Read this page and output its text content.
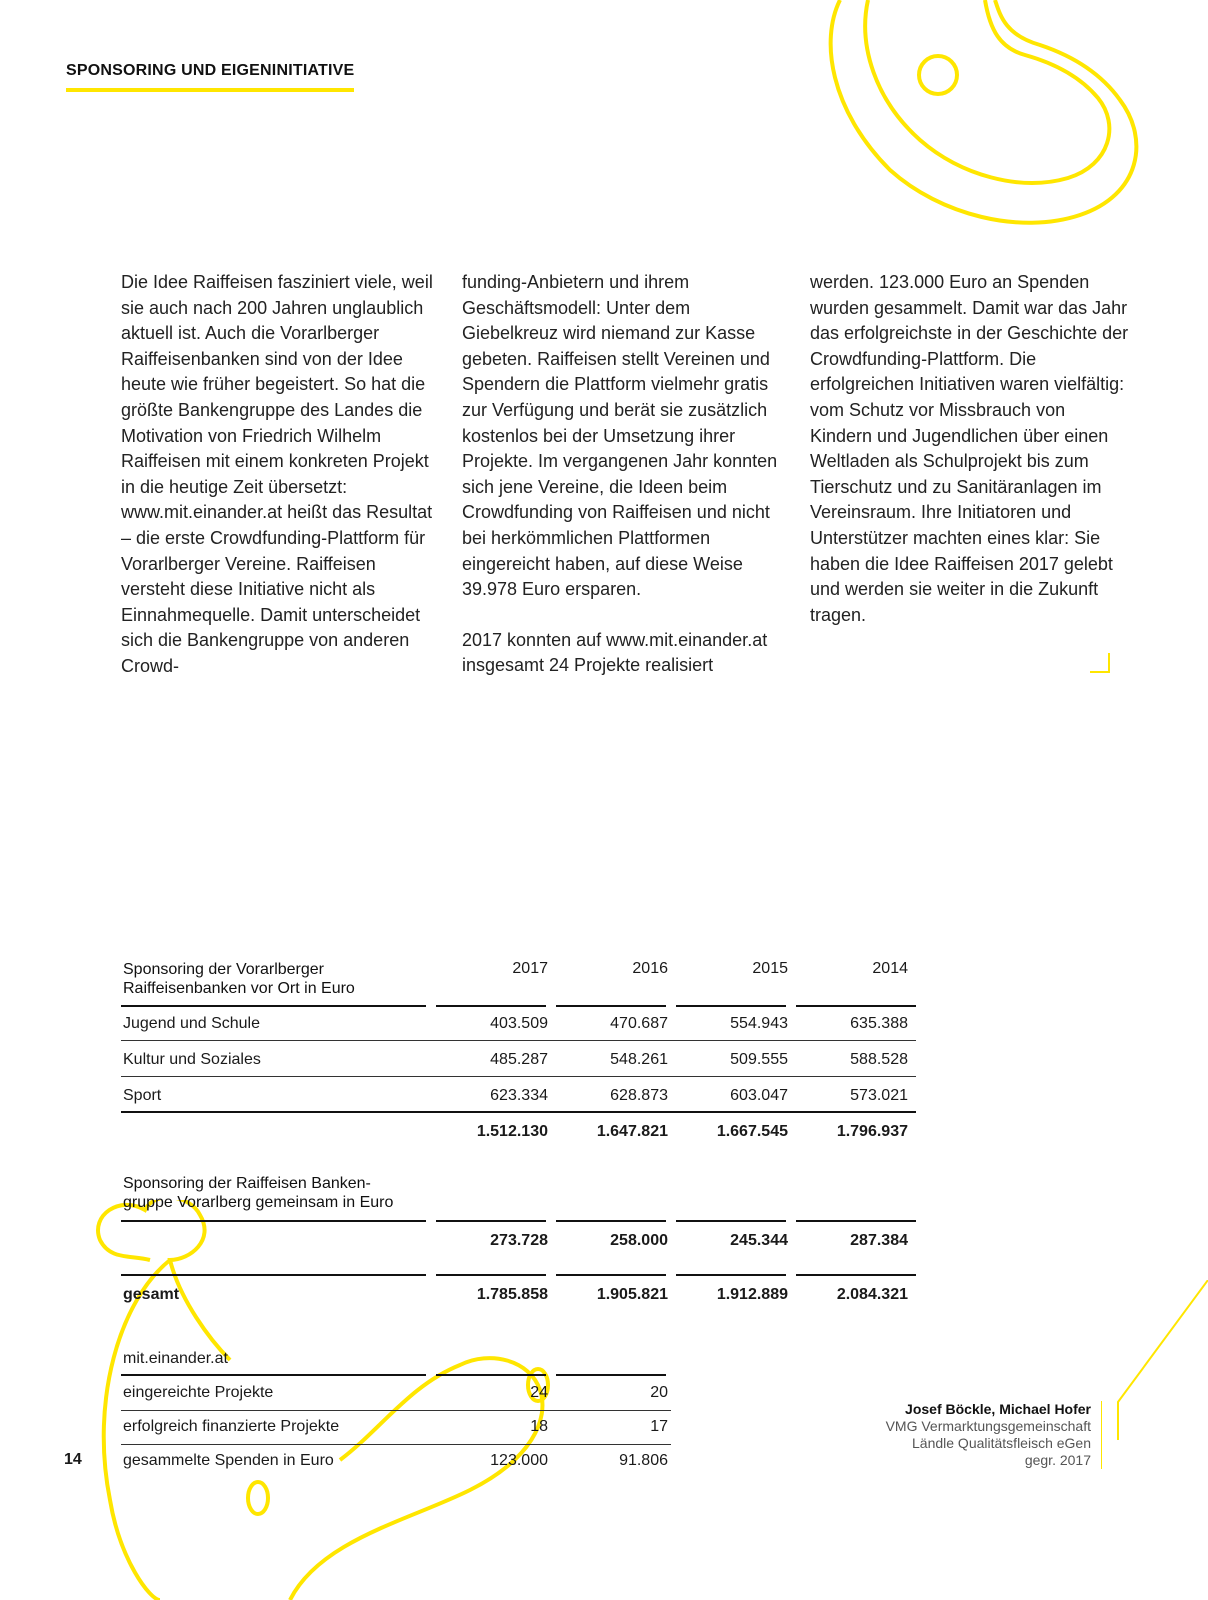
SPONSORING UND EIGENINITIATIVE

Die Idee Raiffeisen fasziniert viele, weil sie auch nach 200 Jahren unglaublich aktuell ist. Auch die Vorarlberger Raiffeisenbanken sind von der Idee heute wie früher begeistert. So hat die größte Bankengruppe des Landes die Motivation von Friedrich Wilhelm Raiffeisen mit einem konkreten Projekt in die heutige Zeit übersetzt: www.mit.einander.at heißt das Resultat – die erste Crowdfunding-Plattform für Vorarlberger Vereine. Raiffeisen versteht diese Initiative nicht als Einnahmequelle. Damit unterscheidet sich die Bankengruppe von anderen Crowd-

funding-Anbietern und ihrem Geschäftsmodell: Unter dem Giebelkreuz wird niemand zur Kasse gebeten. Raiffeisen stellt Vereinen und Spendern die Plattform vielmehr gratis zur Verfügung und berät sie zusätzlich kostenlos bei der Umsetzung ihrer Projekte. Im vergangenen Jahr konnten sich jene Vereine, die Ideen beim Crowdfunding von Raiffeisen und nicht bei herkömmlichen Plattformen eingereicht haben, auf diese Weise 39.978 Euro ersparen.

2017 konnten auf www.mit.einander.at insgesamt 24 Projekte realisiert

werden. 123.000 Euro an Spenden wurden gesammelt. Damit war das Jahr das erfolgreichste in der Geschichte der Crowdfunding-Plattform. Die erfolgreichen Initiativen waren vielfältig: vom Schutz vor Missbrauch von Kindern und Jugendlichen über einen Weltladen als Schulprojekt bis zum Tierschutz und zu Sanitäranlagen im Vereinsraum. Ihre Initiatoren und Unterstützer machten eines klar: Sie haben die Idee Raiffeisen 2017 gelebt und werden sie weiter in die Zukunft tragen.

Sponsoring der Vorarlberger
Raiffeisenbanken vor Ort in Euro
2017	2016	2015	2014
Jugend und Schule	403.509	470.687	554.943	635.388
Kultur und Soziales	485.287	548.261	509.555	588.528
Sport	623.334	628.873	603.047	573.021
1.512.130	1.647.821	1.667.545	1.796.937
Sponsoring der Raiffeisen Banken-
gruppe Vorarlberg gemeinsam in Euro
273.728	258.000	245.344	287.384
gesamt	1.785.858	1.905.821	1.912.889	2.084.321
mit.einander.at
eingereichte Projekte	24	20
erfolgreich finanzierte Projekte	18	17
gesammelte Spenden in Euro	123.000	91.806
14
Josef Böckle, Michael Hofer
VMG Vermarktungsgemeinschaft
Ländle Qualitätsfleisch eGen
gegr. 2017
